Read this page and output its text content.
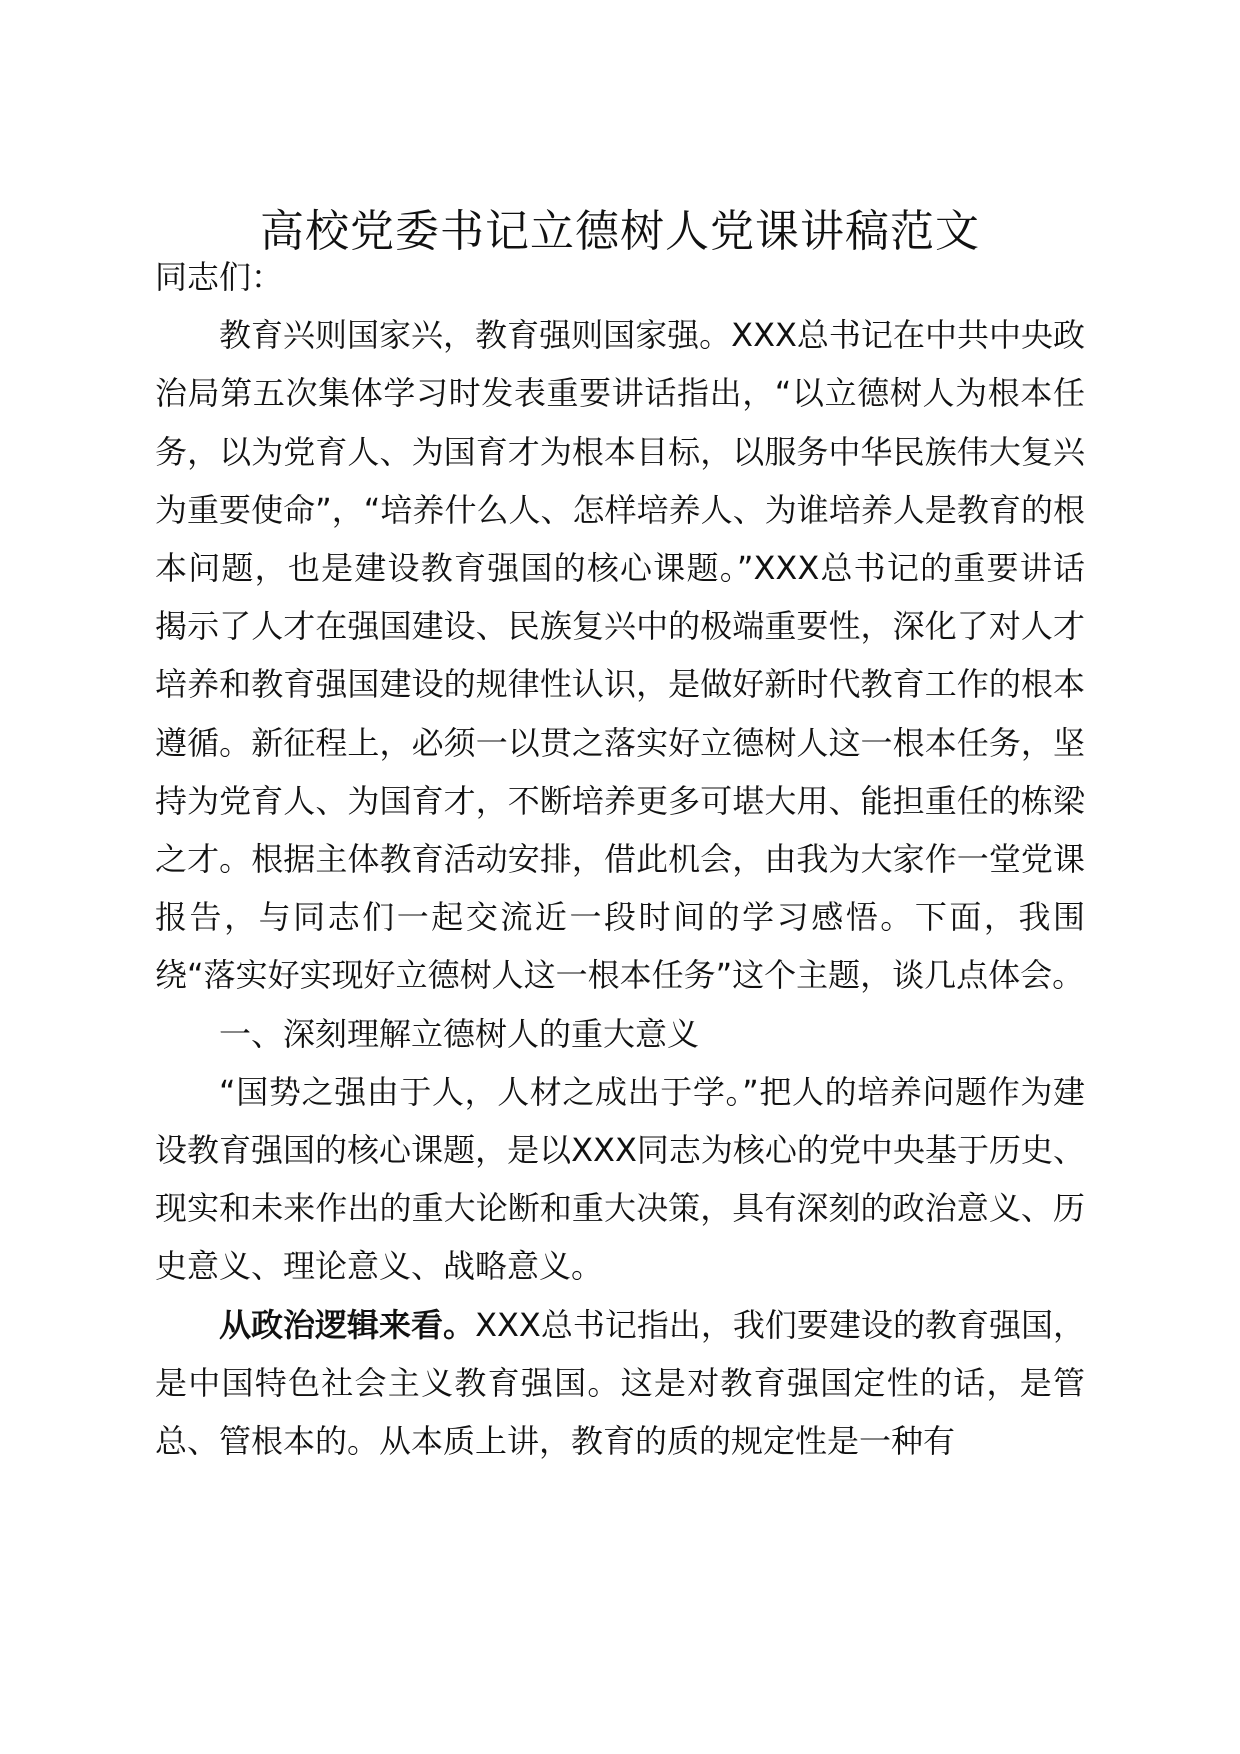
高校党委书记立德树人党课讲稿范文

同志们：

教育兴则国家兴，教育强则国家强。XXX总书记在中共中央政治局第五次集体学习时发表重要讲话指出，“以立德树人为根本任务，以为党育人、为国育才为根本目标，以服务中华民族伟大复兴为重要使命”，“培养什么人、怎样培养人、为谁培养人是教育的根本问题，也是建设教育强国的核心课题。”XXX总书记的重要讲话揭示了人才在强国建设、民族复兴中的极端重要性，深化了对人才培养和教育强国建设的规律性认识，是做好新时代教育工作的根本遵循。新征程上，必须一以贯之落实好立德树人这一根本任务，坚持为党育人、为国育才，不断培养更多可堪大用、能担重任的栋梁之才。根据主体教育活动安排，借此机会，由我为大家作一堂党课报告，与同志们一起交流近一段时间的学习感悟。下面，我围绕“落实好实现好立德树人这一根本任务”这个主题，谈几点体会。

一、深刻理解立德树人的重大意义

“国势之强由于人，人材之成出于学。”把人的培养问题作为建设教育强国的核心课题，是以XXX同志为核心的党中央基于历史、现实和未来作出的重大论断和重大决策，具有深刻的政治意义、历史意义、理论意义、战略意义。

从政治逻辑来看。XXX总书记指出，我们要建设的教育强国，是中国特色社会主义教育强国。这是对教育强国定性的话，是管总、管根本的。从本质上讲，教育的质的规定性是一种有
